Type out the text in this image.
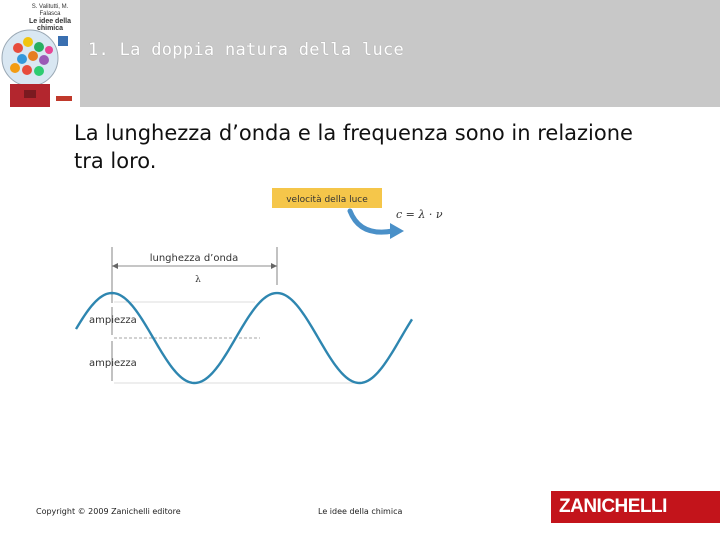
S. Valitutti, M. Falasca
Le idee della chimica
1. La doppia natura della luce
La lunghezza d’onda e la frequenza sono in relazione tra loro.
velocità della luce
c = λ · ν
lunghezza d’onda
λ
ampiezza
ampiezza
Copyright © 2009 Zanichelli editore	Le idee della chimica	ZANICHELLI
